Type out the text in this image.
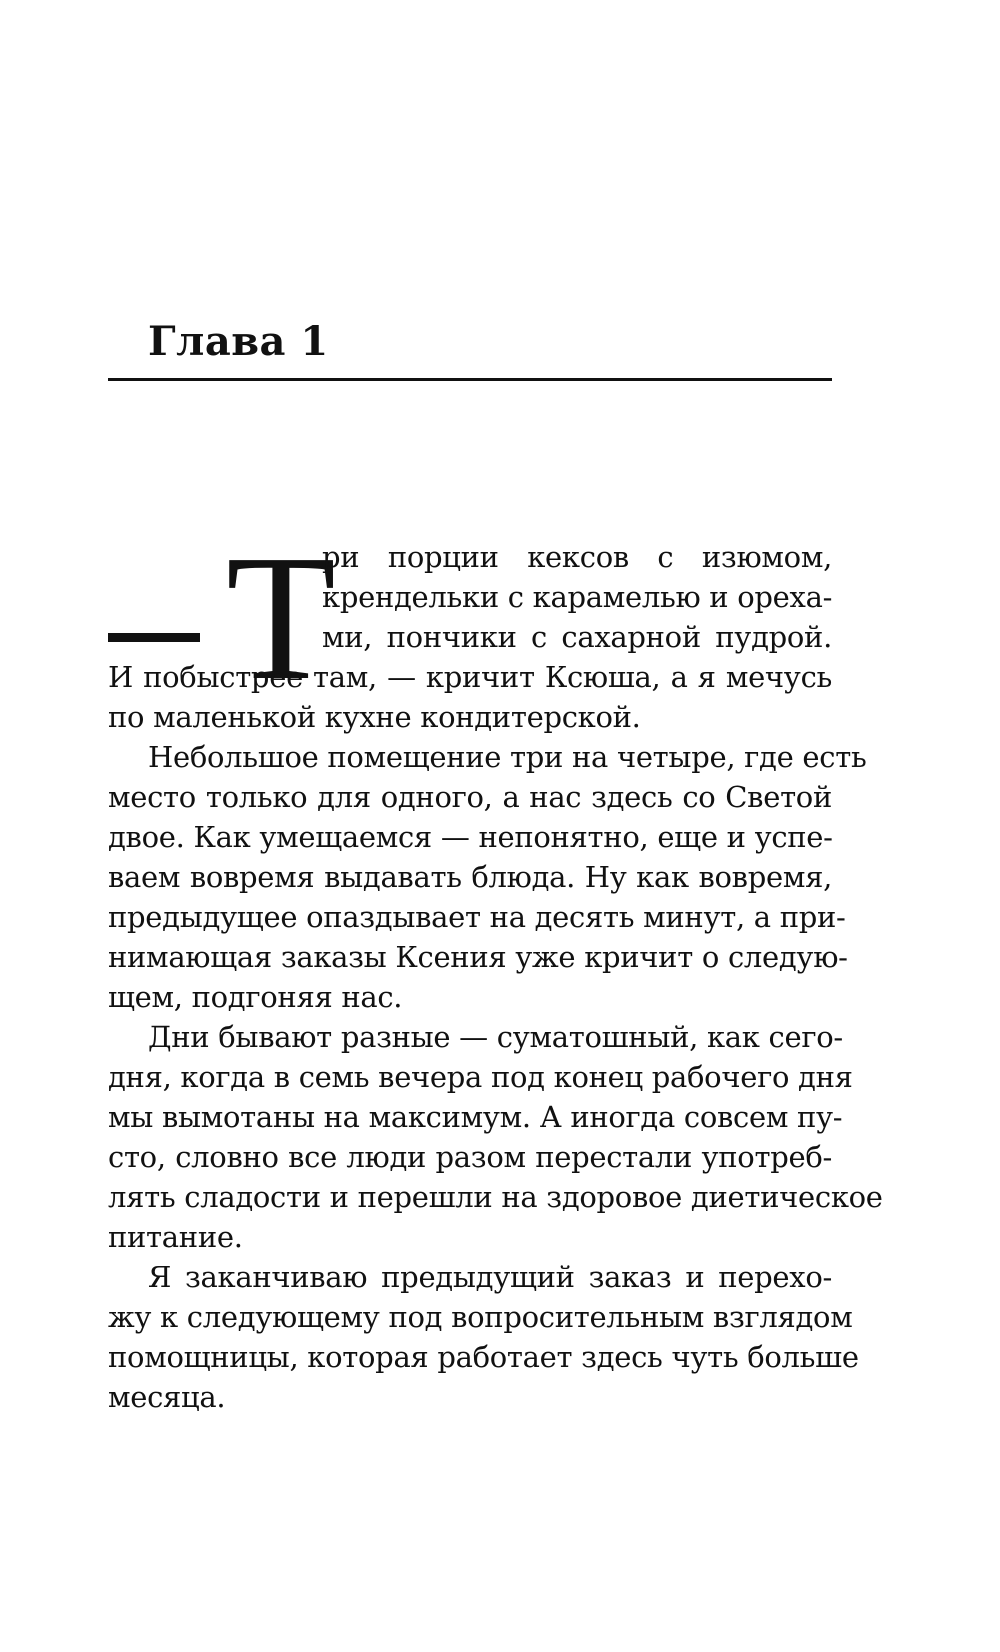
Глава 1
Т
ри порции кексов с изюмом,
крендельки с карамелью и ореха-
ми, пончики с сахарной пудрой.
И побыстрее там, — кричит Ксюша, а я мечусь
по маленькой кухне кондитерской.
Небольшое помещение три на четыре, где есть
место только для одного, а нас здесь со Светой
двое. Как умещаемся — непонятно, еще и успе-
ваем вовремя выдавать блюда. Ну как вовремя,
предыдущее опаздывает на десять минут, а при-
нимающая заказы Ксения уже кричит о следую-
щем, подгоняя нас.
Дни бывают разные — суматошный, как сего-
дня, когда в семь вечера под конец рабочего дня
мы вымотаны на максимум. А иногда совсем пу-
сто, словно все люди разом перестали употреб-
лять сладости и перешли на здоровое диетическое
питание.
Я заканчиваю предыдущий заказ и перехо-
жу к следующему под вопросительным взглядом
помощницы, которая работает здесь чуть больше
месяца.
